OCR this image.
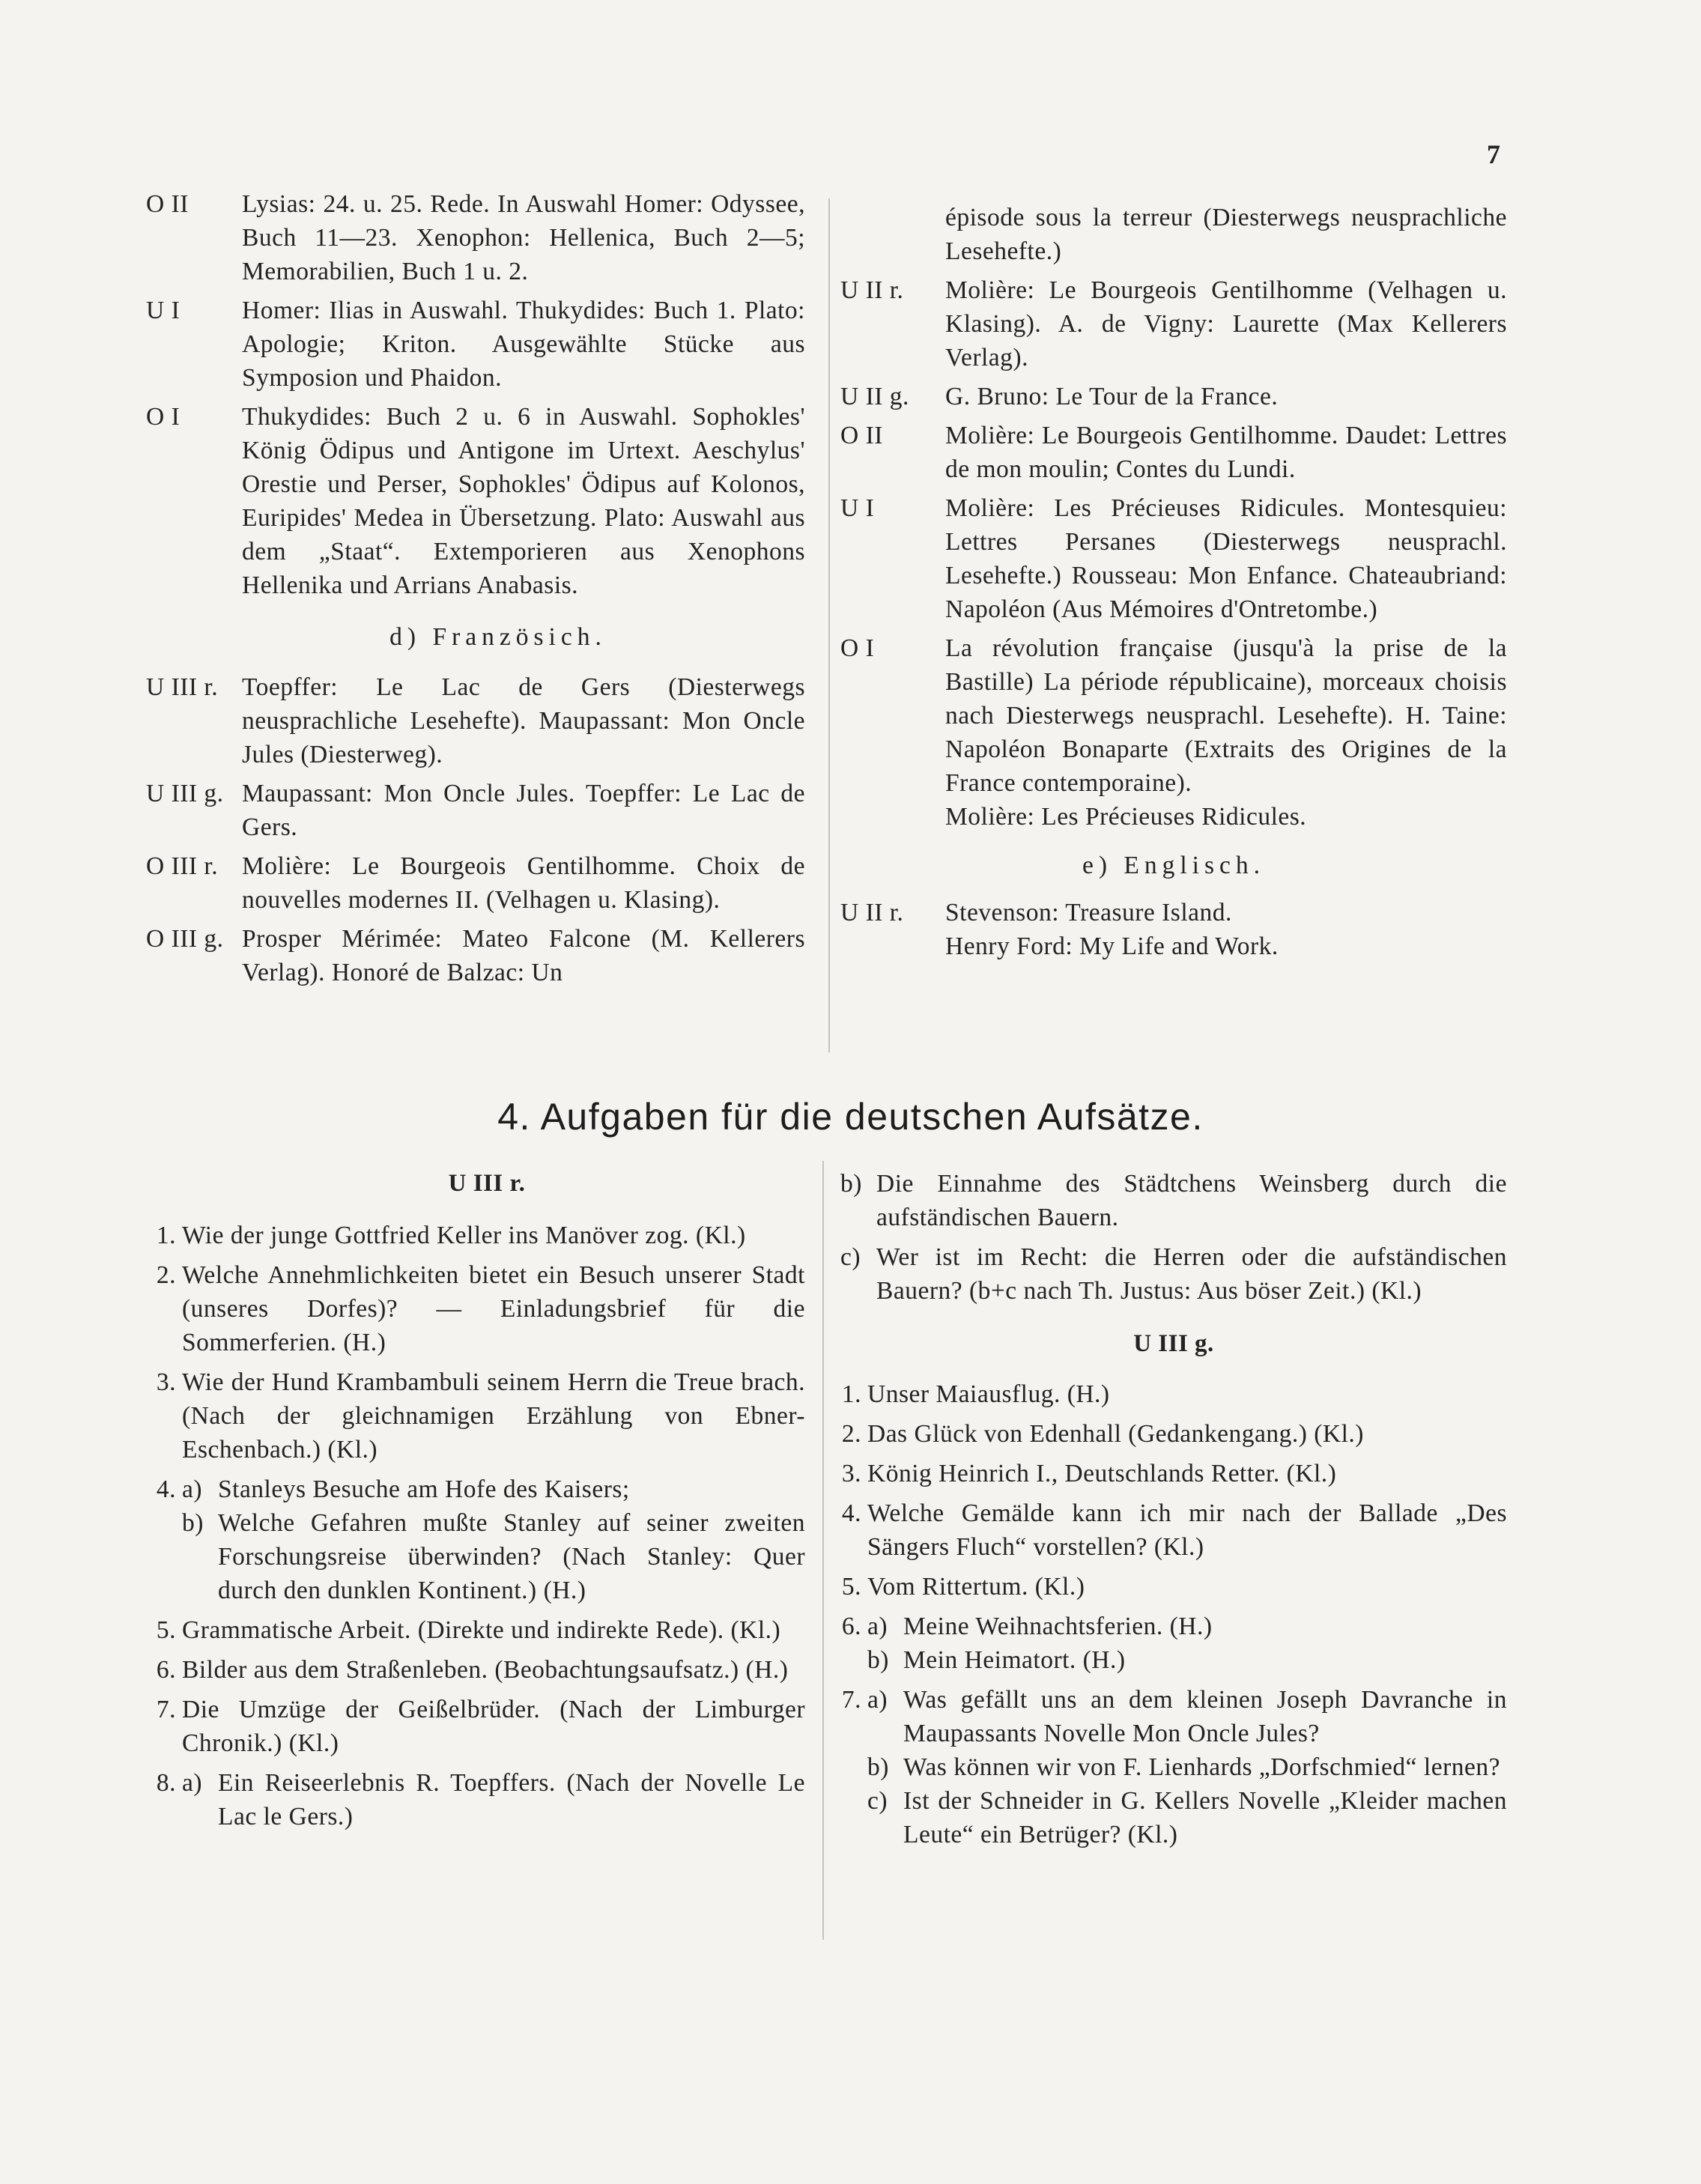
7
O II	Lysias: 24. u. 25. Rede. In Auswahl Homer: Odyssee, Buch 11—23. Xenophon: Hellenica, Buch 2—5; Memorabilien, Buch 1 u. 2.
U I	Homer: Ilias in Auswahl. Thukydides: Buch 1. Plato: Apologie; Kriton. Ausgewählte Stücke aus Symposion und Phaidon.
O I	Thukydides: Buch 2 u. 6 in Auswahl. Sophokles' König Ödipus und Antigone im Urtext. Aeschylus' Orestie und Perser, Sophokles' Ödipus auf Kolonos, Euripides' Medea in Übersetzung. Plato: Auswahl aus dem „Staat“. Extemporieren aus Xenophons Hellenika und Arrians Anabasis.
d) Französich.
U III r. Toepffer: Le Lac de Gers (Diesterwegs neusprachliche Lesehefte). Maupassant: Mon Oncle Jules (Diesterweg).
U III g. Maupassant: Mon Oncle Jules. Toepffer: Le Lac de Gers.
O III r. Molière: Le Bourgeois Gentilhomme. Choix de nouvelles modernes II. (Velhagen u. Klasing).
O III g. Prosper Mérimée: Mateo Falcone (M. Kellerers Verlag). Honoré de Balzac: Un
épisode sous la terreur (Diesterwegs neusprachliche Lesehefte.)
U II r.	Molière: Le Bourgeois Gentilhomme (Velhagen u. Klasing). A. de Vigny: Laurette (Max Kellerers Verlag).
U II g.	G. Bruno: Le Tour de la France.
O II	Molière: Le Bourgeois Gentilhomme. Daudet: Lettres de mon moulin; Contes du Lundi.
U I	Molière: Les Précieuses Ridicules. Montesquieu: Lettres Persanes (Diesterwegs neusprachl. Lesehefte.) Rousseau: Mon Enfance. Chateaubriand: Napoléon (Aus Mémoires d'Ontretombe.)
O I	La révolution française (jusqu'à la prise de la Bastille) La période républicaine), morceaux choisis nach Diesterwegs neusprachl. Lesehefte). H. Taine: Napoléon Bonaparte (Extraits des Origines de la France contemporaine).
Molière: Les Précieuses Ridicules.
e) Englisch.
U II r.	Stevenson: Treasure Island.
Henry Ford: My Life and Work.
4. Aufgaben für die deutschen Aufsätze.
U III r.
1. Wie der junge Gottfried Keller ins Manöver zog. (Kl.)
2. Welche Annehmlichkeiten bietet ein Besuch unserer Stadt (unseres Dorfes)? — Einladungsbrief für die Sommerferien. (H.)
3. Wie der Hund Krambambuli seinem Herrn die Treue brach. (Nach der gleichnamigen Erzählung von Ebner-Eschenbach.) (Kl.)
4. a) Stanleys Besuche am Hofe des Kaisers;
b) Welche Gefahren mußte Stanley auf seiner zweiten Forschungsreise überwinden? (Nach Stanley: Quer durch den dunklen Kontinent.) (H.)
5. Grammatische Arbeit. (Direkte und indirekte Rede). (Kl.)
6. Bilder aus dem Straßenleben. (Beobachtungsaufsatz.) (H.)
7. Die Umzüge der Geißelbrüder. (Nach der Limburger Chronik.) (Kl.)
8. a) Ein Reiseerlebnis R. Toepffers. (Nach der Novelle Le Lac le Gers.)
b) Die Einnahme des Städtchens Weinsberg durch die aufständischen Bauern.
c) Wer ist im Recht: die Herren oder die aufständischen Bauern? (b+c nach Th. Justus: Aus böser Zeit.) (Kl.)
U III g.
1. Unser Maiausflug. (H.)
2. Das Glück von Edenhall (Gedankengang.) (Kl.)
3. König Heinrich I., Deutschlands Retter. (Kl.)
4. Welche Gemälde kann ich mir nach der Ballade „Des Sängers Fluch“ vorstellen? (Kl.)
5. Vom Rittertum. (Kl.)
6. a) Meine Weihnachtsferien. (H.)
b) Mein Heimatort. (H.)
7. a) Was gefällt uns an dem kleinen Joseph Davranche in Maupassants Novelle Mon Oncle Jules?
b) Was können wir von F. Lienhards „Dorfschmied“ lernen?
c) Ist der Schneider in G. Kellers Novelle „Kleider machen Leute“ ein Betrüger? (Kl.)
